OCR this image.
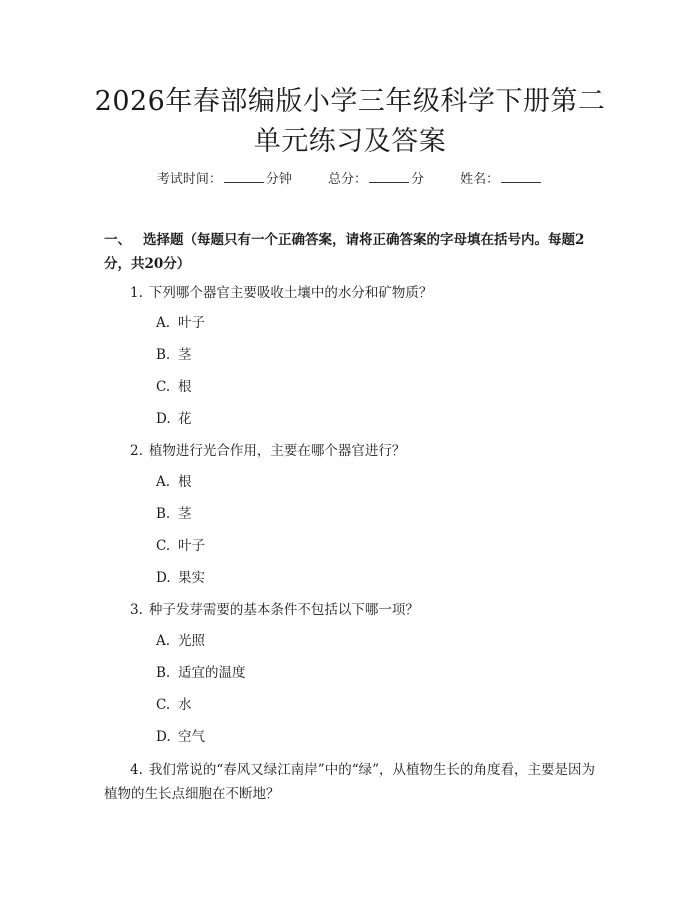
2026年春部编版小学三年级科学下册第二单元练习及答案
考试时间：	分钟	总分：	分	姓名：
一、 选择题（每题只有一个正确答案，请将正确答案的字母填在括号内。每题2分，共20分）
1. 下列哪个器官主要吸收土壤中的水分和矿物质？
A. 叶子
B. 茎
C. 根
D. 花
2. 植物进行光合作用，主要在哪个器官进行？
A. 根
B. 茎
C. 叶子
D. 果实
3. 种子发芽需要的基本条件不包括以下哪一项？
A. 光照
B. 适宜的温度
C. 水
D. 空气
4. 我们常说的“春风又绿江南岸”中的“绿”，从植物生长的角度看，主要是因为植物的生长点细胞在不断地？
